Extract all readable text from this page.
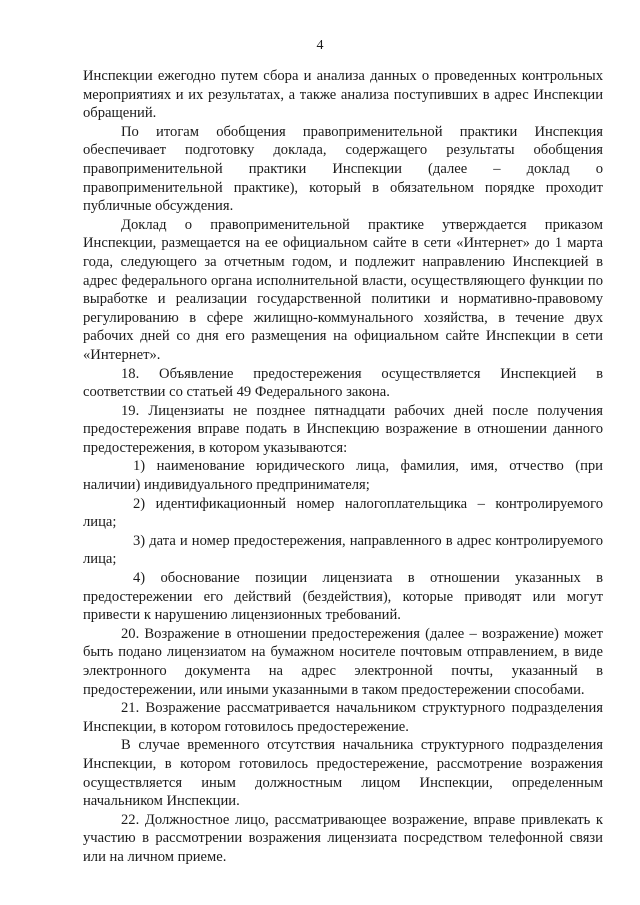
4

Инспекции ежегодно путем сбора и анализа данных о проведенных контрольных мероприятиях и их результатах, а также анализа поступивших в адрес Инспекции обращений.

По итогам обобщения правоприменительной практики Инспекция обеспечивает подготовку доклада, содержащего результаты обобщения правоприменительной практики Инспекции (далее – доклад о правоприменительной практике), который в обязательном порядке проходит публичные обсуждения.

Доклад о правоприменительной практике утверждается приказом Инспекции, размещается на ее официальном сайте в сети «Интернет» до 1 марта года, следующего за отчетным годом, и подлежит направлению Инспекцией в адрес федерального органа исполнительной власти, осуществляющего функции по выработке и реализации государственной политики и нормативно-правовому регулированию в сфере жилищно-коммунального хозяйства, в течение двух рабочих дней со дня его размещения на официальном сайте Инспекции в сети «Интернет».

18. Объявление предостережения осуществляется Инспекцией в соответствии со статьей 49 Федерального закона.

19. Лицензиаты не позднее пятнадцати рабочих дней после получения предостережения вправе подать в Инспекцию возражение в отношении данного предостережения, в котором указываются:

1) наименование юридического лица, фамилия, имя, отчество (при наличии) индивидуального предпринимателя;

2) идентификационный номер налогоплательщика – контролируемого лица;

3) дата и номер предостережения, направленного в адрес контролируемого лица;

4) обоснование позиции лицензиата в отношении указанных в предостережении его действий (бездействия), которые приводят или могут привести к нарушению лицензионных требований.

20. Возражение в отношении предостережения (далее – возражение) может быть подано лицензиатом на бумажном носителе почтовым отправлением, в виде электронного документа на адрес электронной почты, указанный в предостережении, или иными указанными в таком предостережении способами.

21. Возражение рассматривается начальником структурного подразделения Инспекции, в котором готовилось предостережение.

В случае временного отсутствия начальника структурного подразделения Инспекции, в котором готовилось предостережение, рассмотрение возражения осуществляется иным должностным лицом Инспекции, определенным начальником Инспекции.

22. Должностное лицо, рассматривающее возражение, вправе привлекать к участию в рассмотрении возражения лицензиата посредством телефонной связи или на личном приеме.
